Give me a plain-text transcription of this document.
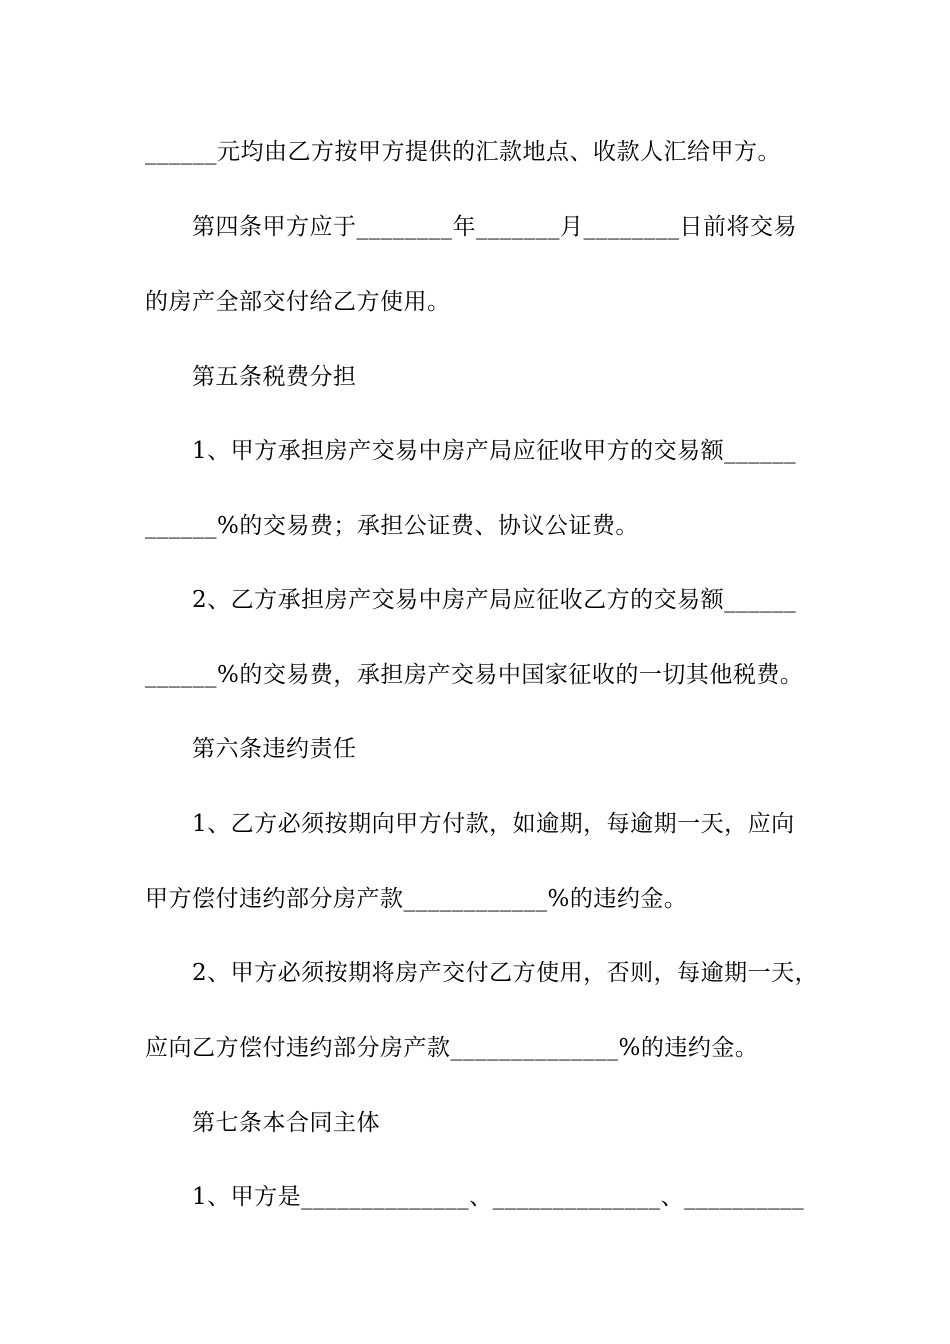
______元均由乙方按甲方提供的汇款地点、收款人汇给甲方。
第四条甲方应于________年_______月________日前将交易
的房产全部交付给乙方使用。
第五条税费分担
1、甲方承担房产交易中房产局应征收甲方的交易额______
______%的交易费；承担公证费、协议公证费。
2、乙方承担房产交易中房产局应征收乙方的交易额______
______%的交易费，承担房产交易中国家征收的一切其他税费。
第六条违约责任
1、乙方必须按期向甲方付款，如逾期，每逾期一天，应向
甲方偿付违约部分房产款____________%的违约金。
2、甲方必须按期将房产交付乙方使用，否则，每逾期一天，
应向乙方偿付违约部分房产款______________%的违约金。
第七条本合同主体
1、甲方是______________、______________、__________
